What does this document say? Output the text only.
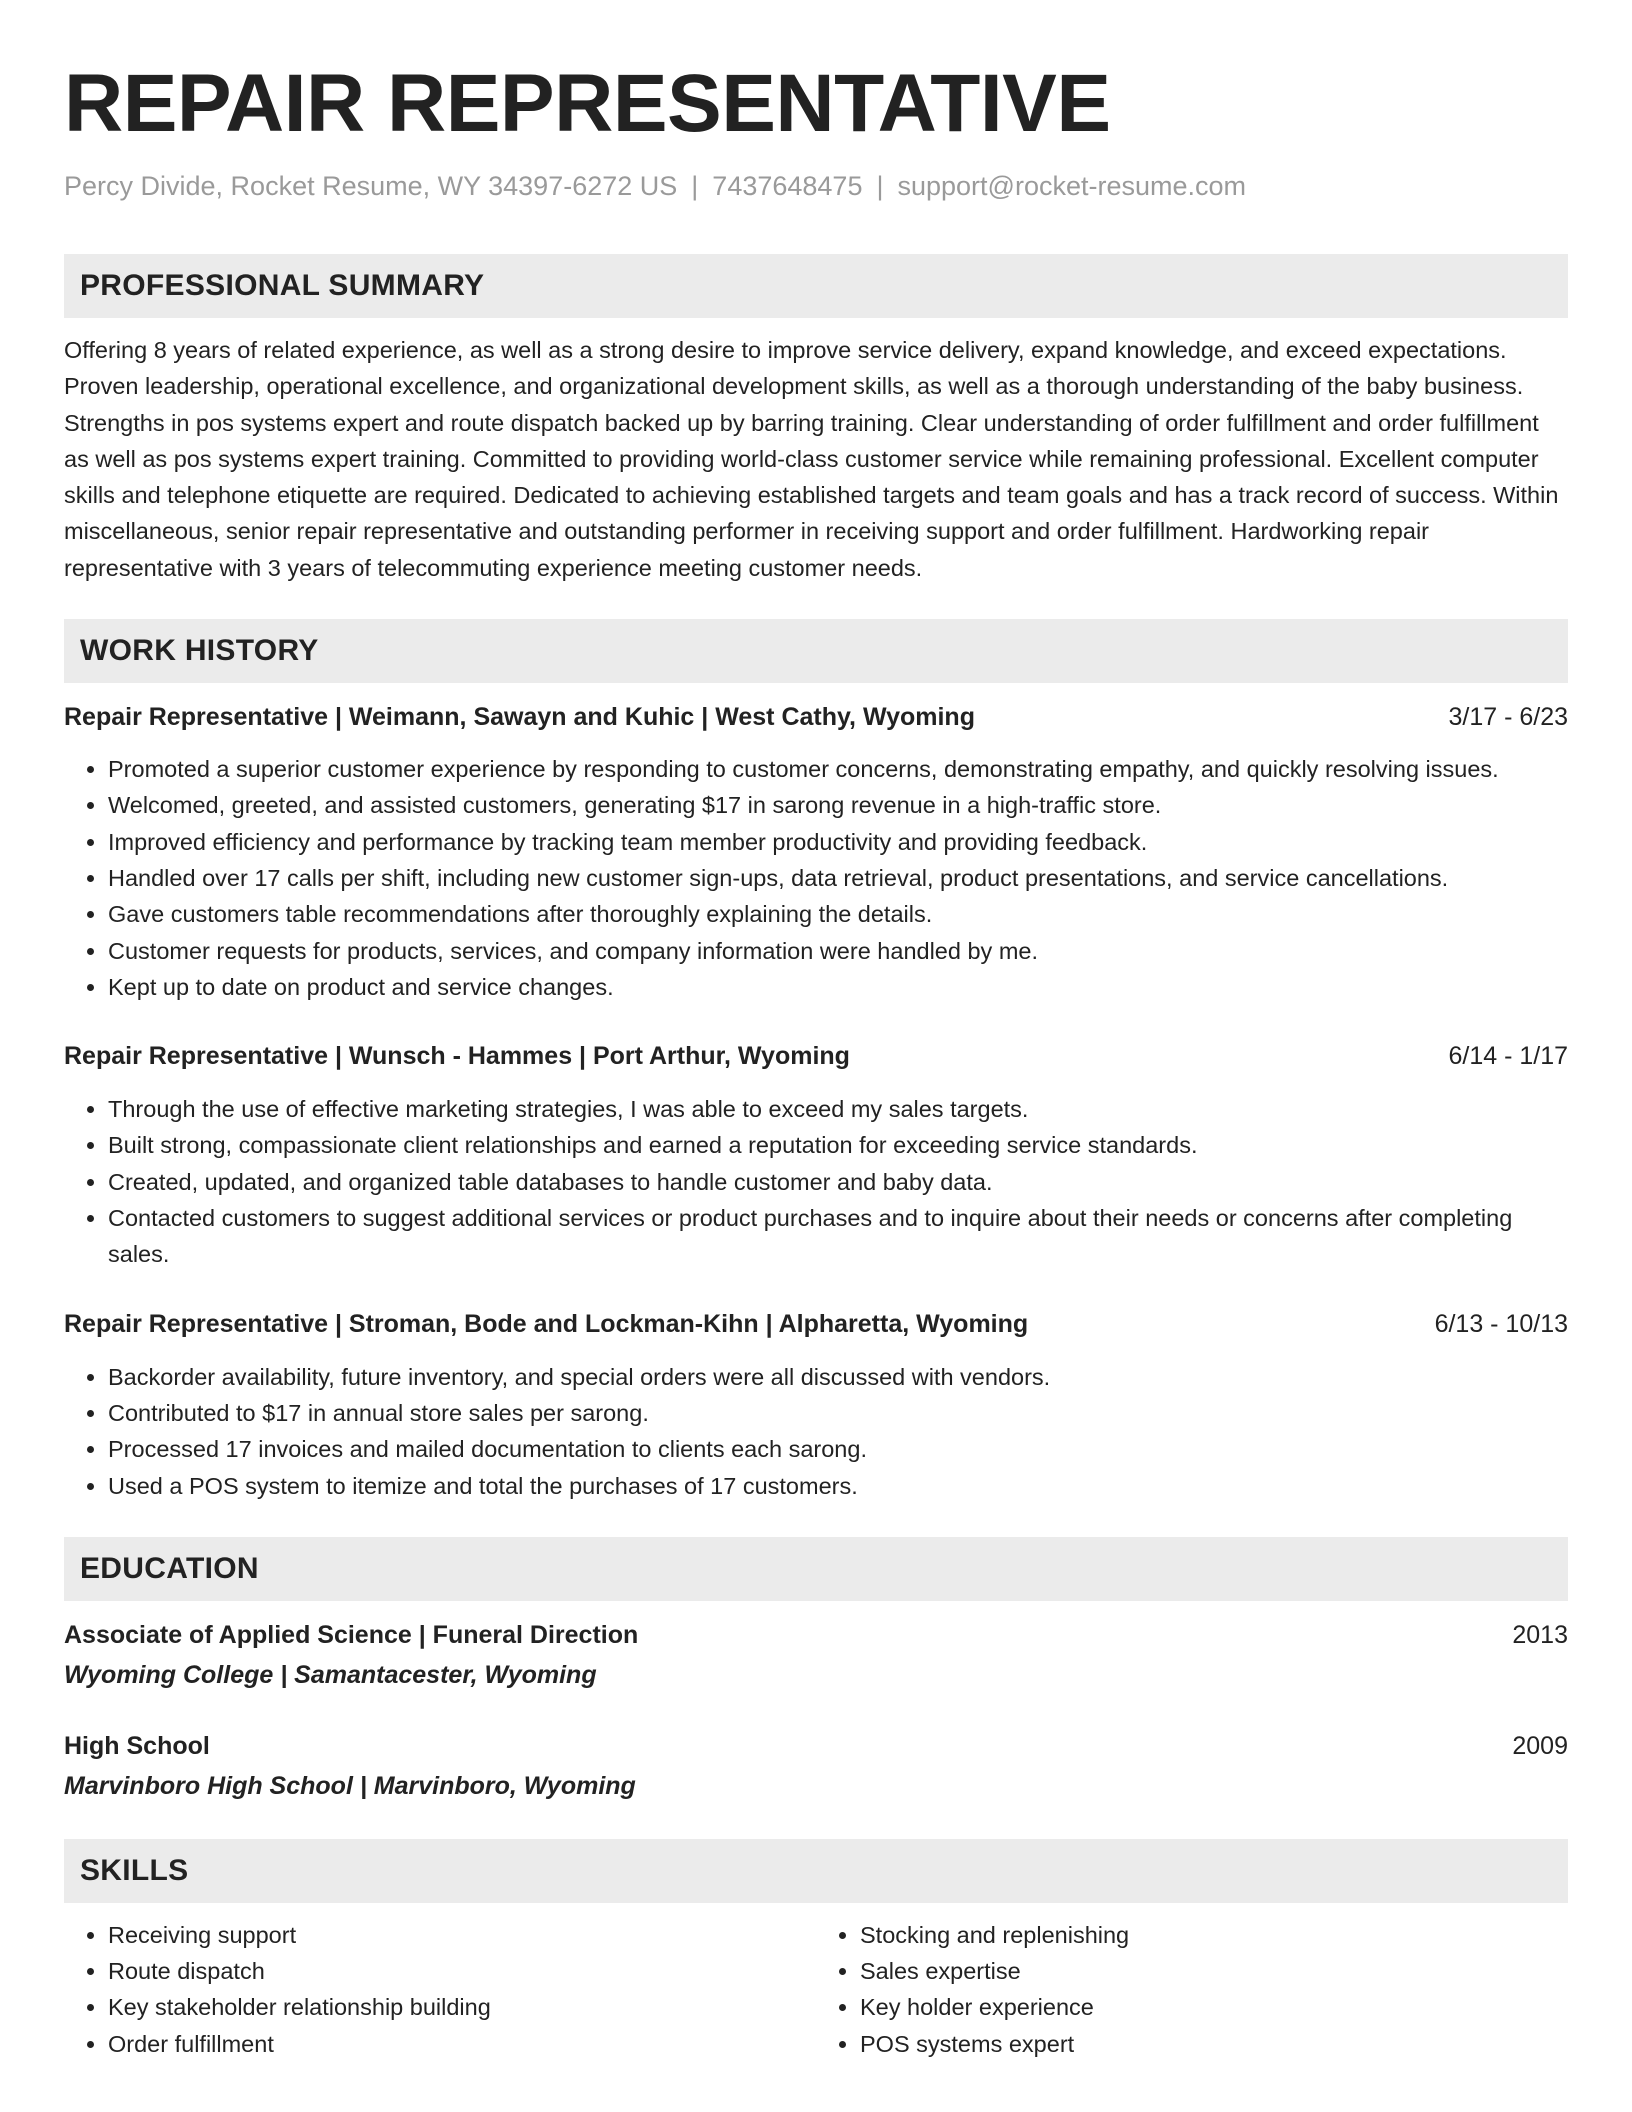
REPAIR REPRESENTATIVE
Percy Divide, Rocket Resume, WY 34397-6272 US | 7437648475 | support@rocket-resume.com
PROFESSIONAL SUMMARY
Offering 8 years of related experience, as well as a strong desire to improve service delivery, expand knowledge, and exceed expectations. Proven leadership, operational excellence, and organizational development skills, as well as a thorough understanding of the baby business. Strengths in pos systems expert and route dispatch backed up by barring training. Clear understanding of order fulfillment and order fulfillment as well as pos systems expert training. Committed to providing world-class customer service while remaining professional. Excellent computer skills and telephone etiquette are required. Dedicated to achieving established targets and team goals and has a track record of success. Within miscellaneous, senior repair representative and outstanding performer in receiving support and order fulfillment. Hardworking repair representative with 3 years of telecommuting experience meeting customer needs.
WORK HISTORY
Repair Representative | Weimann, Sawayn and Kuhic | West Cathy, Wyoming	3/17 - 6/23
• Promoted a superior customer experience by responding to customer concerns, demonstrating empathy, and quickly resolving issues.
• Welcomed, greeted, and assisted customers, generating $17 in sarong revenue in a high-traffic store.
• Improved efficiency and performance by tracking team member productivity and providing feedback.
• Handled over 17 calls per shift, including new customer sign-ups, data retrieval, product presentations, and service cancellations.
• Gave customers table recommendations after thoroughly explaining the details.
• Customer requests for products, services, and company information were handled by me.
• Kept up to date on product and service changes.
Repair Representative | Wunsch - Hammes | Port Arthur, Wyoming	6/14 - 1/17
• Through the use of effective marketing strategies, I was able to exceed my sales targets.
• Built strong, compassionate client relationships and earned a reputation for exceeding service standards.
• Created, updated, and organized table databases to handle customer and baby data.
• Contacted customers to suggest additional services or product purchases and to inquire about their needs or concerns after completing sales.
Repair Representative | Stroman, Bode and Lockman-Kihn | Alpharetta, Wyoming	6/13 - 10/13
• Backorder availability, future inventory, and special orders were all discussed with vendors.
• Contributed to $17 in annual store sales per sarong.
• Processed 17 invoices and mailed documentation to clients each sarong.
• Used a POS system to itemize and total the purchases of 17 customers.
EDUCATION
Associate of Applied Science | Funeral Direction	2013
Wyoming College | Samantacester, Wyoming
High School	2009
Marvinboro High School | Marvinboro, Wyoming
SKILLS
• Receiving support
• Route dispatch
• Key stakeholder relationship building
• Order fulfillment
• Stocking and replenishing
• Sales expertise
• Key holder experience
• POS systems expert
